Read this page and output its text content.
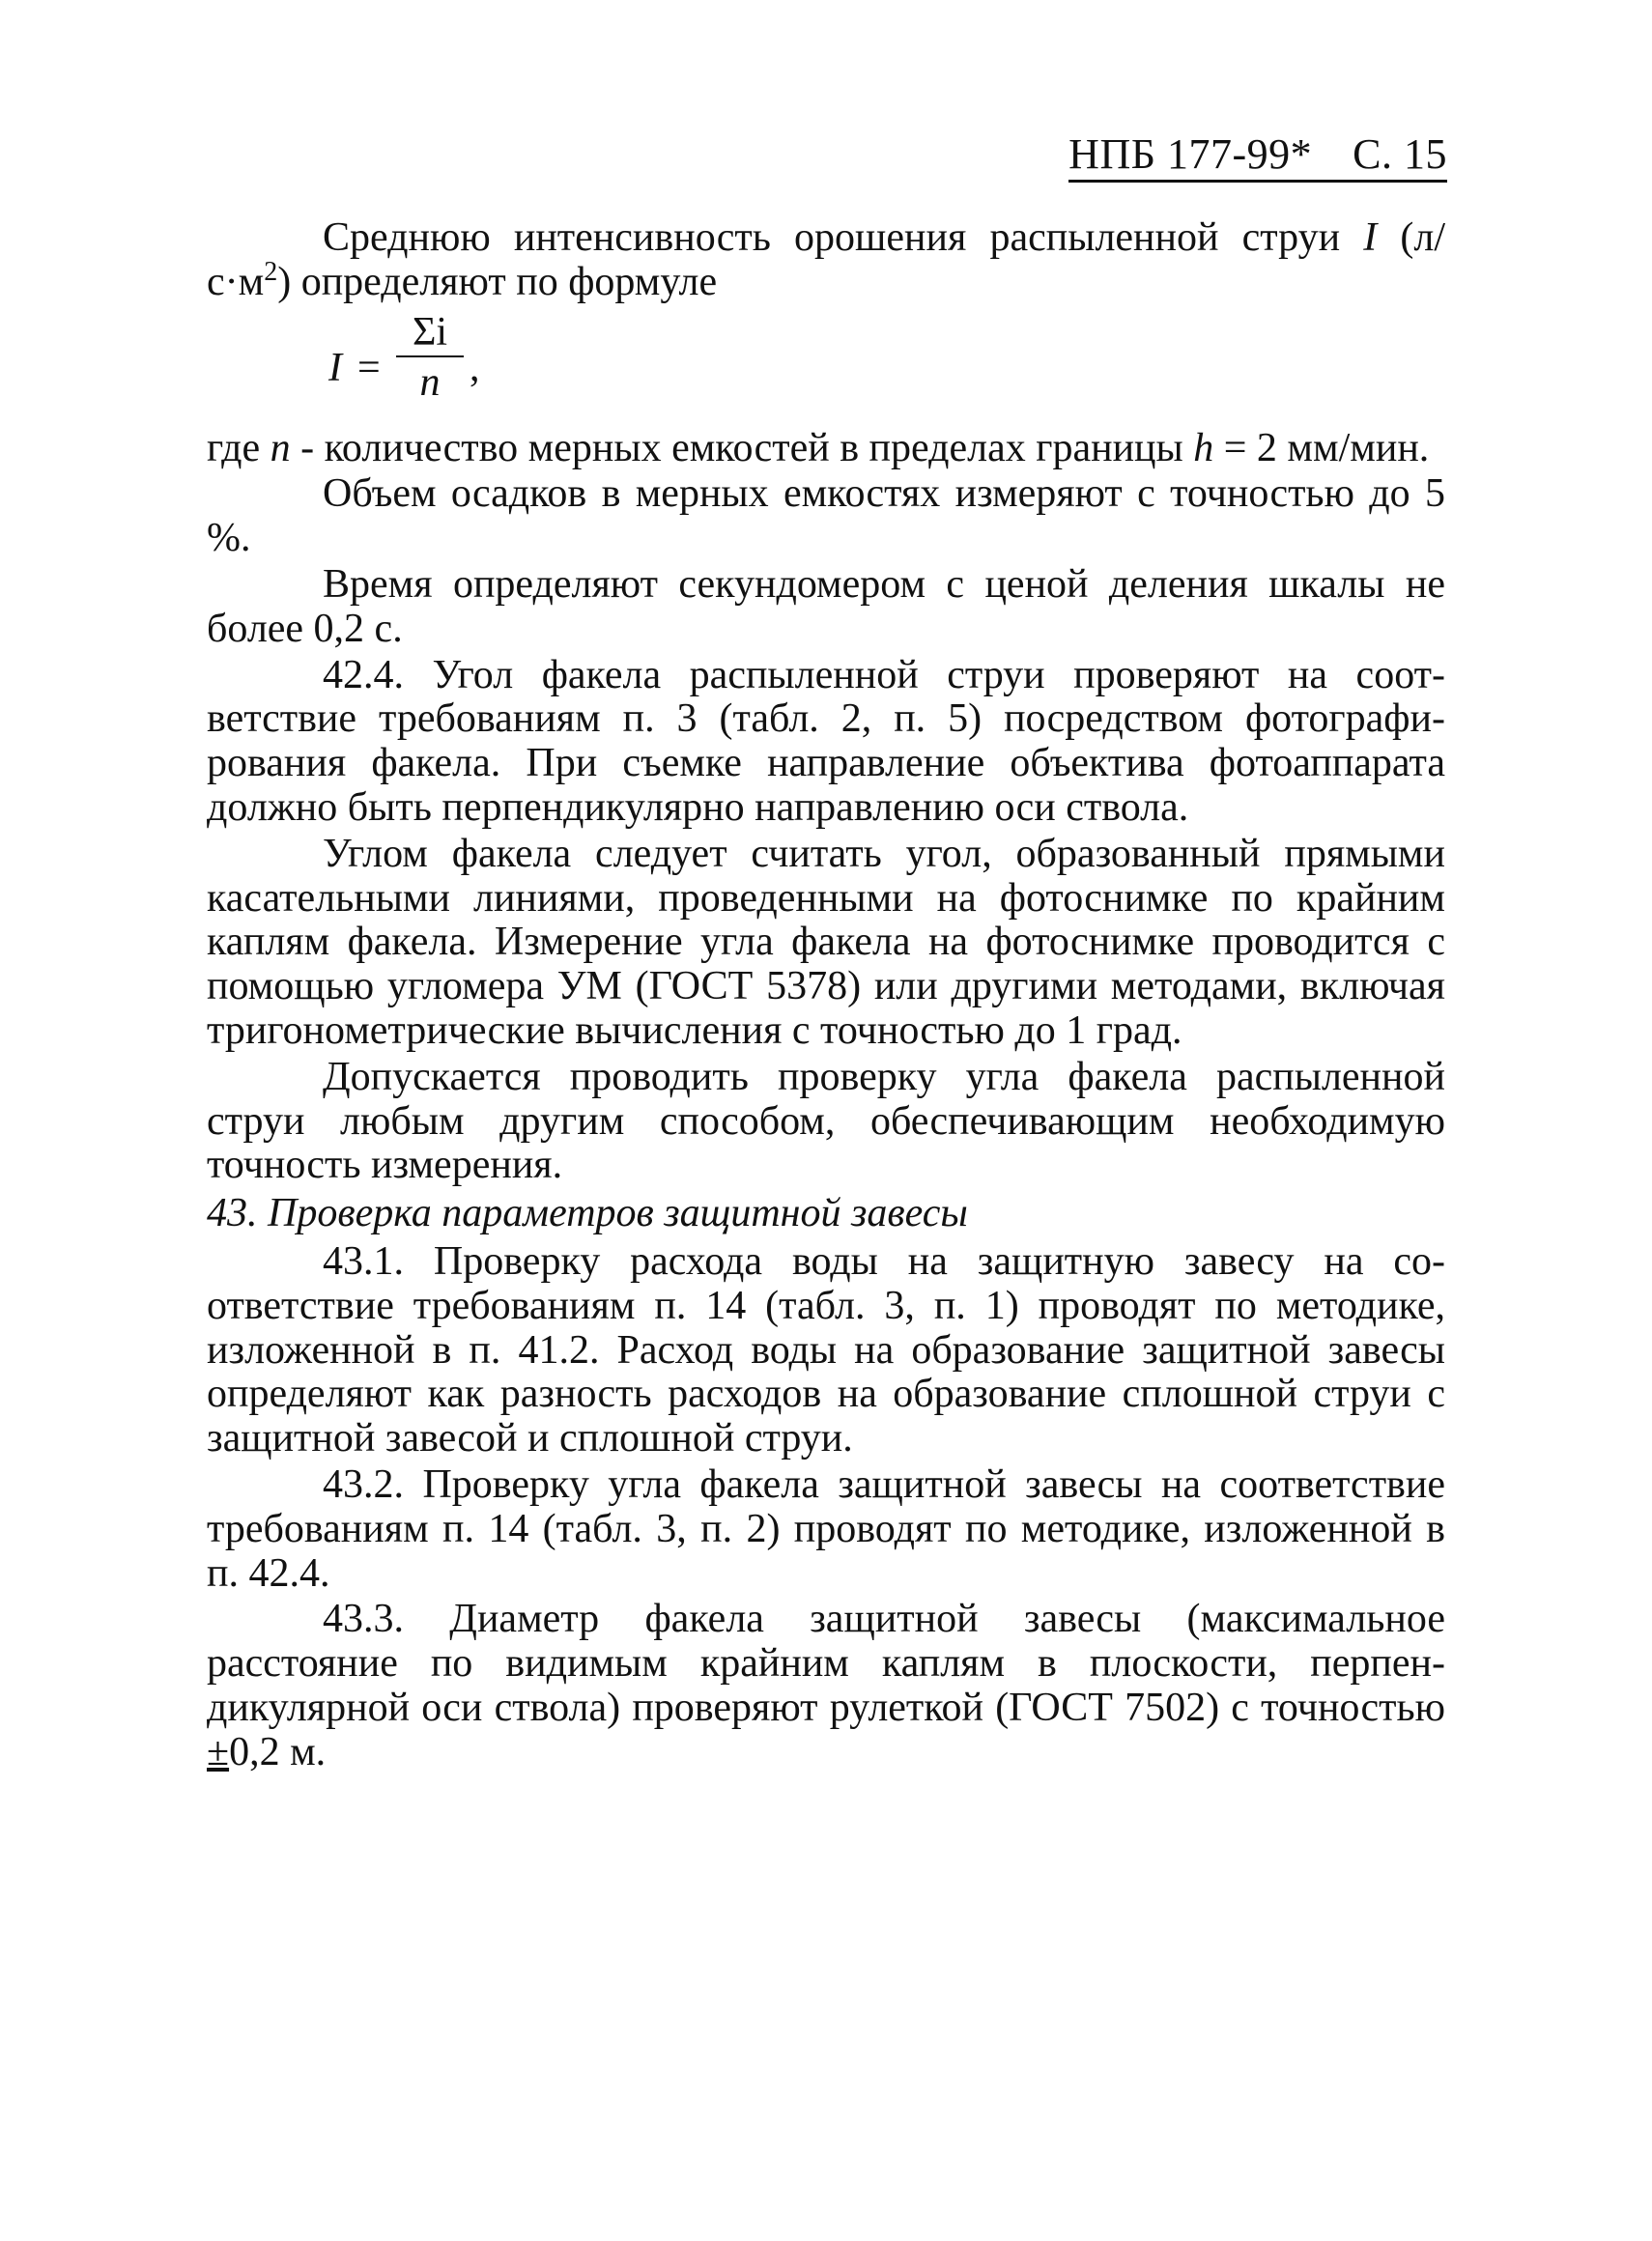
НПБ 177-99* С. 15

Среднюю интенсивность орошения распыленной струи I $(л/с\cdot м^2)$ определяют по формуле

I =
Σi
n ,

где n - количество мерных емкостей в пределах границы h = 2 мм/мин.

Объем осадков в мерных емкостях измеряют с точностью до 5 %.

Время определяют секундомером с ценой деления шкалы не более 0,2 с.

42.4. Угол факела распыленной струи проверяют на соответствие требованиям п. 3 (табл. 2, п. 5) посредством фотографирования факела. При съемке направление объектива фотоаппарата должно быть перпендикулярно направлению оси ствола.

Углом факела следует считать угол, образованный прямыми касательными линиями, проведенными на фотоснимке по крайним каплям факела. Измерение угла факела на фотоснимке проводится с помощью угломера УМ (ГОСТ 5378) или другими методами, включая тригонометрические вычисления с точностью до 1 град.

Допускается проводить проверку угла факела распыленной струи любым другим способом, обеспечивающим необходимую точность измерения.

43. Проверка параметров защитной завесы

43.1. Проверку расхода воды на защитную завесу на соответствие требованиям п. 14 (табл. 3, п. 1) проводят по методике, изложенной в п. 41.2. Расход воды на образование защитной завесы определяют как разность расходов на образование сплошной струи с защитной завесой и сплошной струи.

43.2. Проверку угла факела защитной завесы на соответствие требованиям п. 14 (табл. 3, п. 2) проводят по методике, изложенной в п. 42.4.

43.3. Диаметр факела защитной завесы (максимальное расстояние по видимым крайним каплям в плоскости, перпендикулярной оси ствола) проверяют рулеткой (ГОСТ 7502) с точностью ±0,2 м.
